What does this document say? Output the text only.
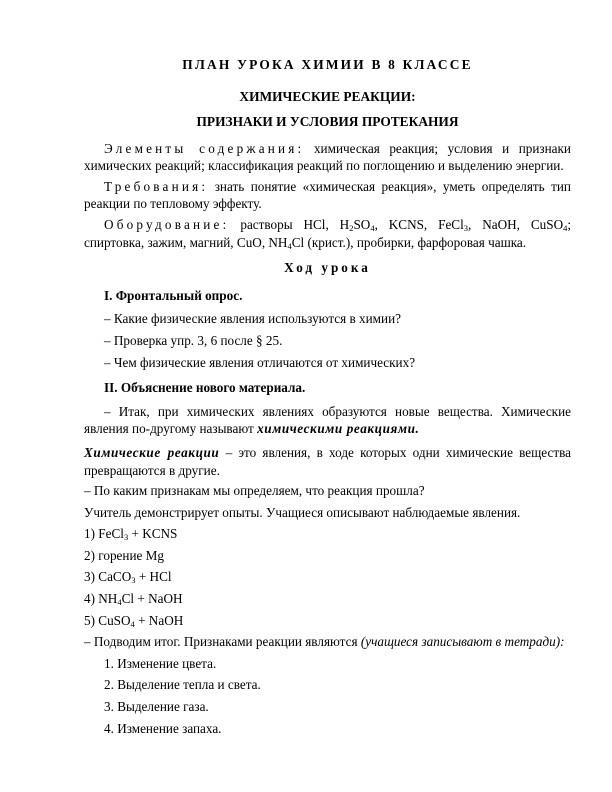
ПЛАН УРОКА ХИМИИ В 8 КЛАССЕ
ХИМИЧЕСКИЕ РЕАКЦИИ:
ПРИЗНАКИ И УСЛОВИЯ ПРОТЕКАНИЯ

Элементы содержания: химическая реакция; условия и признаки химических реакций; классификация реакций по поглощению и выделению энергии.

Требования: знать понятие «химическая реакция», уметь определять тип реакции по тепловому эффекту.

Оборудование: растворы HCl, $H_2SO_4$, KCNS, FeCl$_3$, NaOH, CuSO$_4$; спиртовка, зажим, магний, CuO, $NH_4Cl$ (крист.), пробирки, фарфоровая чашка.

Ход урока

I. Фронтальный опрос.

– Какие физические явления используются в химии?

– Проверка упр. 3, 6 после § 25.

– Чем физические явления отличаются от химических?

II. Объяснение нового материала.

– Итак, при химических явлениях образуются новые вещества. Химические явления по-другому называют химическими реакциями.

Химические реакции – это явления, в ходе которых одни химические вещества превращаются в другие.

– По каким признакам мы определяем, что реакция прошла?

Учитель демонстрирует опыты. Учащиеся описывают наблюдаемые явления.

1) FeCl$_3$ + KCNS

2) горение Mg

3) CaCO$_3$ + HCl

4) $NH_4Cl$ + NaOH

5) CuSO$_4$ + NaOH

– Подводим итог. Признаками реакции являются (учащиеся записывают в тетради):

1. Изменение цвета.

2. Выделение тепла и света.

3. Выделение газа.

4. Изменение запаха.
